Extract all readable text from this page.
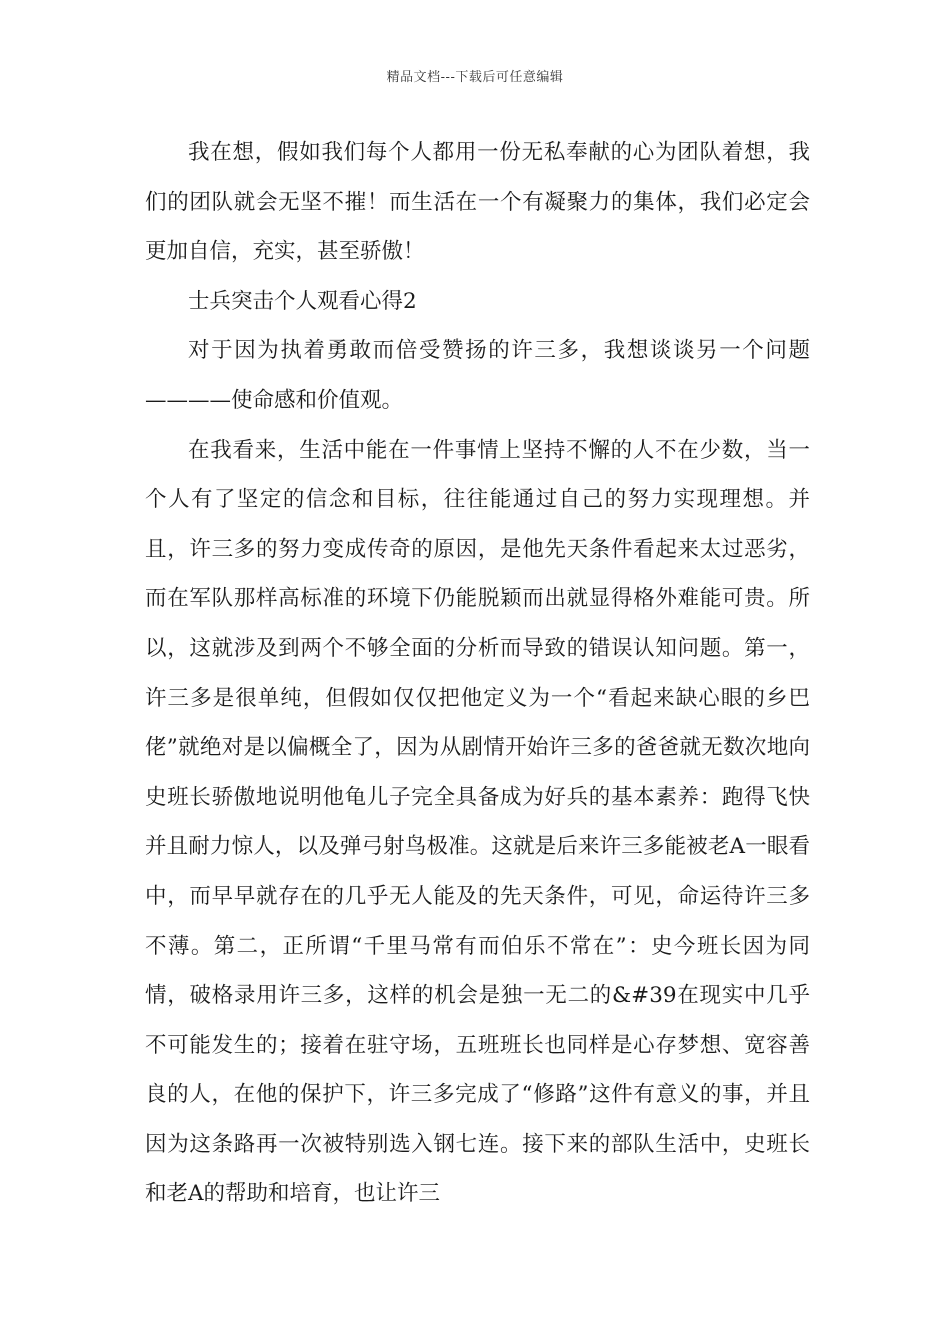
精品文档---下载后可任意编辑

我在想，假如我们每个人都用一份无私奉献的心为团队着想，我们的团队就会无坚不摧！而生活在一个有凝聚力的集体，我们必定会更加自信，充实，甚至骄傲！

士兵突击个人观看心得2

对于因为执着勇敢而倍受赞扬的许三多，我想谈谈另一个问题————使命感和价值观。

在我看来，生活中能在一件事情上坚持不懈的人不在少数，当一个人有了坚定的信念和目标，往往能通过自己的努力实现理想。并且，许三多的努力变成传奇的原因，是他先天条件看起来太过恶劣，而在军队那样高标准的环境下仍能脱颖而出就显得格外难能可贵。所以，这就涉及到两个不够全面的分析而导致的错误认知问题。第一，许三多是很单纯，但假如仅仅把他定义为一个“看起来缺心眼的乡巴佬”就绝对是以偏概全了，因为从剧情开始许三多的爸爸就无数次地向史班长骄傲地说明他龟儿子完全具备成为好兵的基本素养：跑得飞快并且耐力惊人，以及弹弓射鸟极准。这就是后来许三多能被老A一眼看中，而早早就存在的几乎无人能及的先天条件，可见，命运待许三多不薄。第二，正所谓“千里马常有而伯乐不常在”：史今班长因为同情，破格录用许三多，这样的机会是独一无二的&#39在现实中几乎不可能发生的；接着在驻守场，五班班长也同样是心存梦想、宽容善良的人，在他的保护下，许三多完成了“修路”这件有意义的事，并且因为这条路再一次被特别选入钢七连。接下来的部队生活中，史班长和老A的帮助和培育，也让许三
